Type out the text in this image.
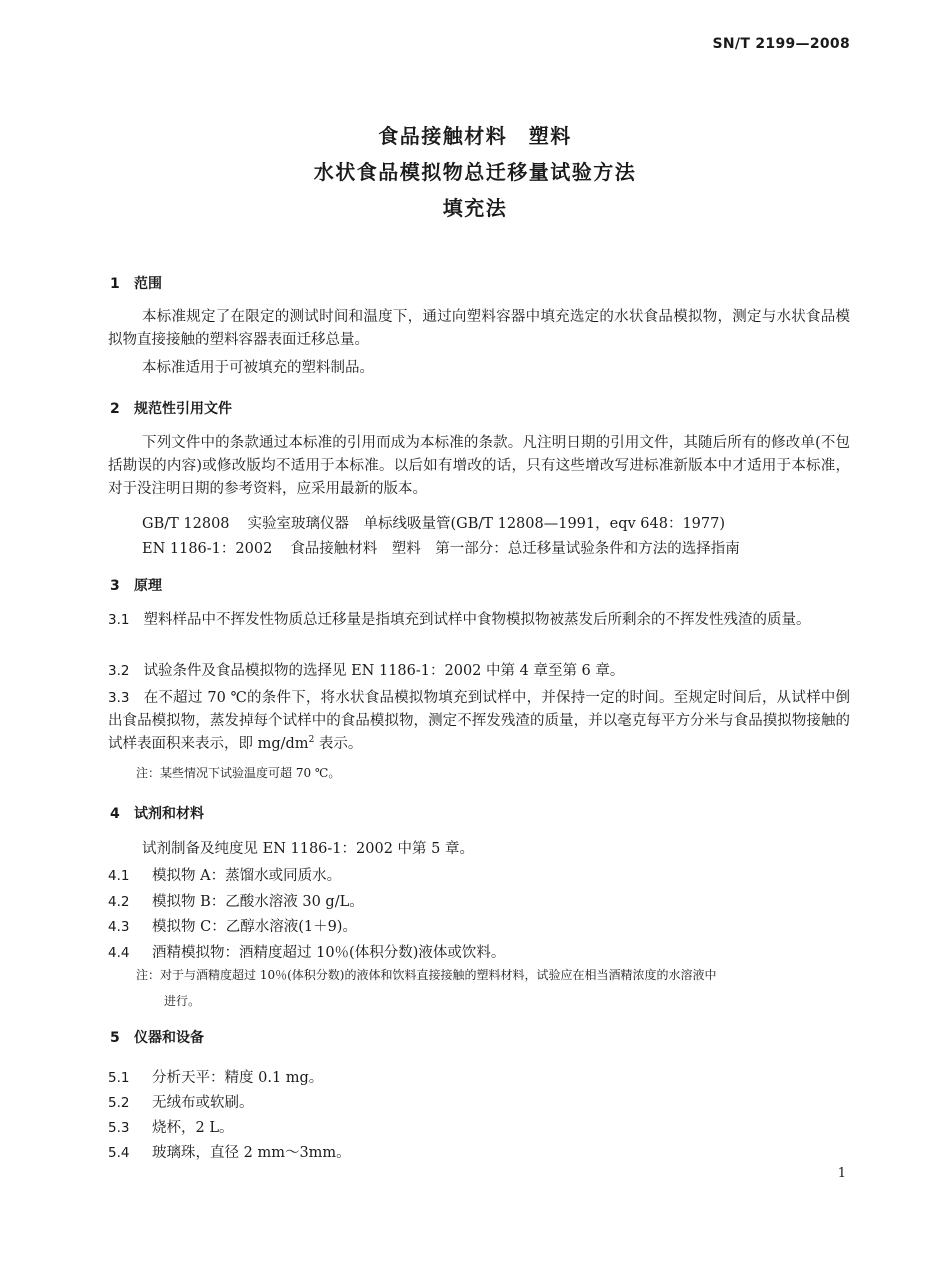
SN/T 2199—2008
食品接触材料　塑料
水状食品模拟物总迁移量试验方法
填充法
1 范围
本标准规定了在限定的测试时间和温度下，通过向塑料容器中填充选定的水状食品模拟物，测定与水状食品模拟物直接接触的塑料容器表面迁移总量。
本标准适用于可被填充的塑料制品。
2 规范性引用文件
下列文件中的条款通过本标准的引用而成为本标准的条款。凡注明日期的引用文件，其随后所有的修改单(不包括勘误的内容)或修改版均不适用于本标准。以后如有增改的话，只有这些增改写进标准新版本中才适用于本标准，对于没注明日期的参考资料，应采用最新的版本。
GB/T 12808 实验室玻璃仪器　单标线吸量管(GB/T 12808—1991，eqv 648：1977)
EN 1186-1：2002 食品接触材料　塑料　第一部分：总迁移量试验条件和方法的选择指南
3 原理
3.1 塑料样品中不挥发性物质总迁移量是指填充到试样中食物模拟物被蒸发后所剩余的不挥发性残渣的质量。
3.2 试验条件及食品模拟物的选择见 EN 1186-1：2002 中第 4 章至第 6 章。
3.3 在不超过 70 ℃的条件下，将水状食品模拟物填充到试样中，并保持一定的时间。至规定时间后，从试样中倒出食品模拟物，蒸发掉每个试样中的食品模拟物，测定不挥发残渣的质量，并以毫克每平方分米与食品摸拟物接触的试样表面积来表示，即 $mg/dm^2$ 表示。
注：某些情况下试验温度可超 70 ℃。
4 试剂和材料
试剂制备及纯度见 EN 1186-1：2002 中第 5 章。
4.1 模拟物 A：蒸馏水或同质水。
4.2 模拟物 B：乙酸水溶液 30 g/L。
4.3 模拟物 C：乙醇水溶液(1＋9)。
4.4 酒精模拟物：酒精度超过 10％(体积分数)液体或饮料。
注：对于与酒精度超过 10％(体积分数)的液体和饮料直接接触的塑料材料，试验应在相当酒精浓度的水溶液中
进行。
5 仪器和设备
5.1 分析天平：精度 0.1 mg。
5.2 无绒布或软刷。
5.3 烧杯，2 L。
5.4 玻璃珠，直径 2 mm～3mm。
1
